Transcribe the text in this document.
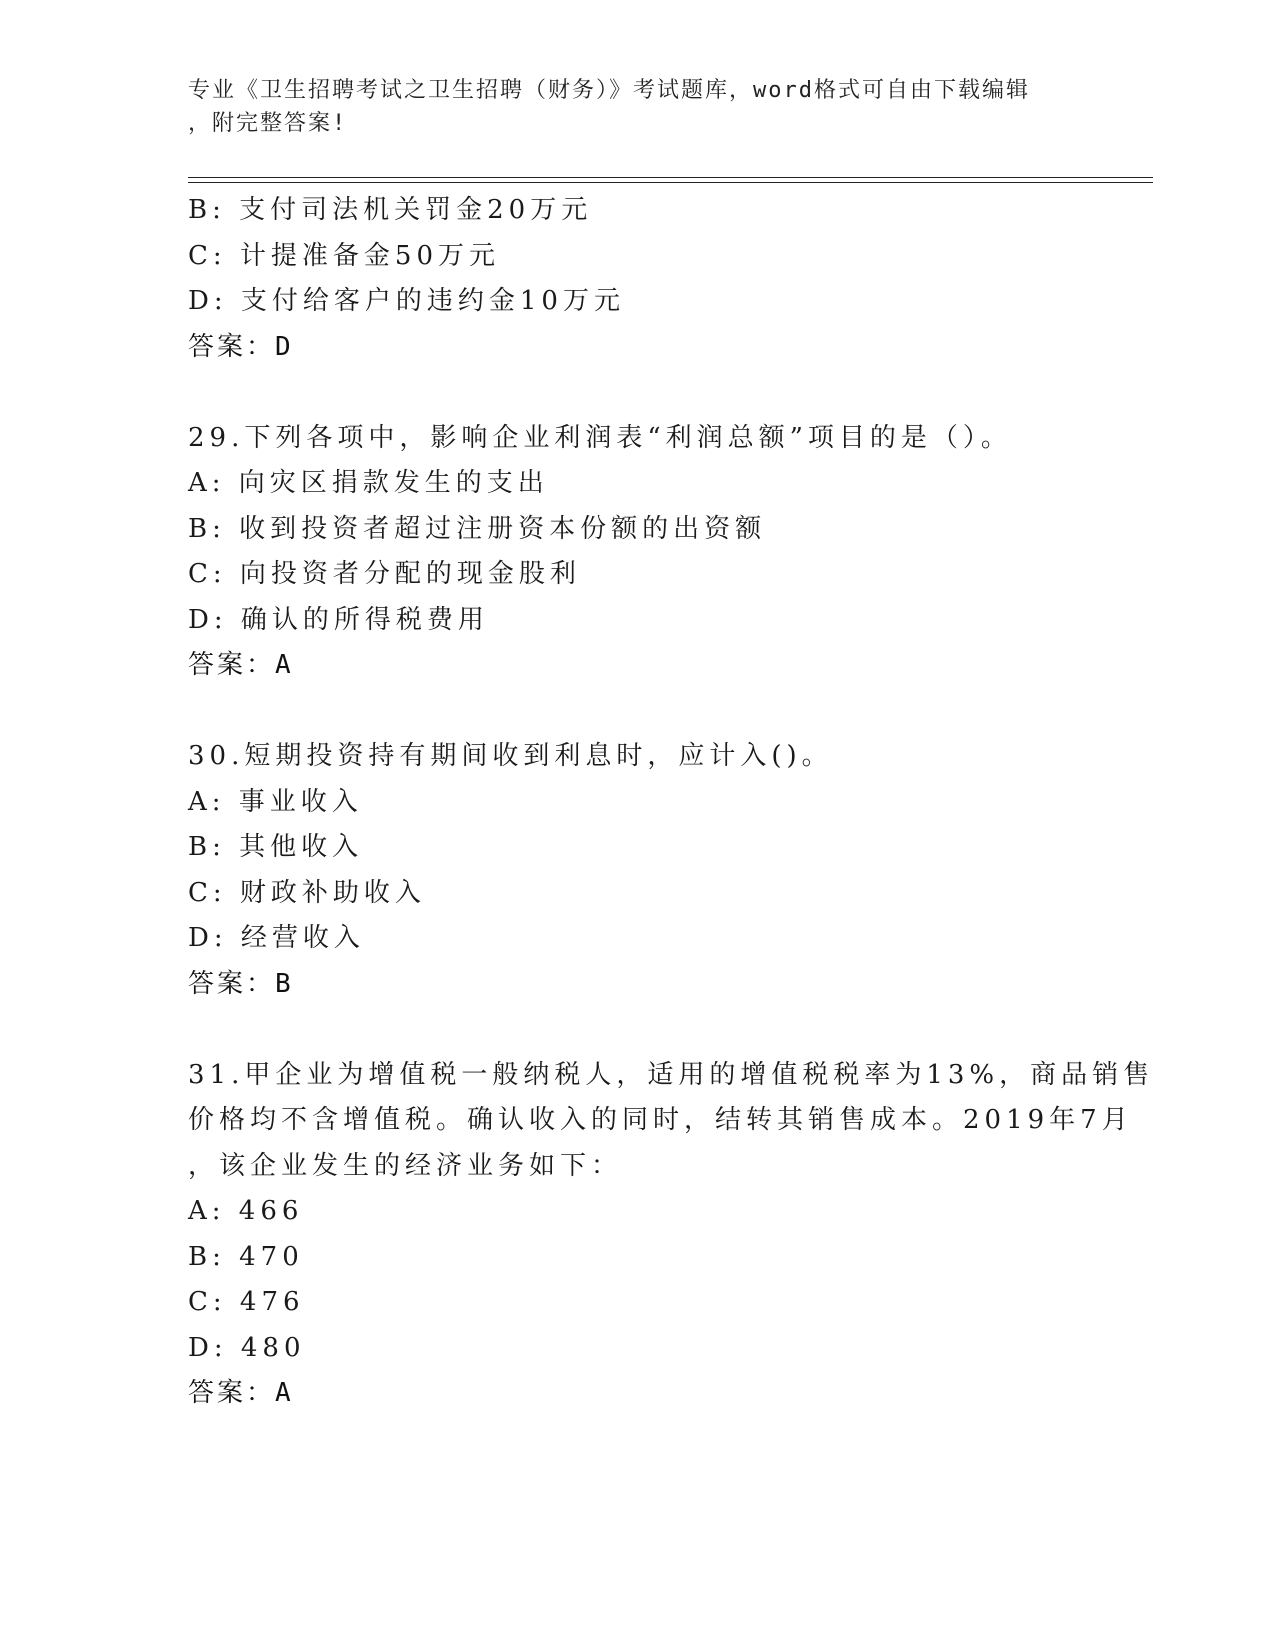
专业《卫生招聘考试之卫生招聘（财务）》考试题库，word格式可自由下载编辑
，附完整答案!
B: 支付司法机关罚金20万元
C: 计提准备金50万元
D: 支付给客户的违约金10万元
答案：D
29.下列各项中，影响企业利润表“利润总额”项目的是（）。
A: 向灾区捐款发生的支出
B: 收到投资者超过注册资本份额的出资额
C: 向投资者分配的现金股利
D: 确认的所得税费用
答案：A
30.短期投资持有期间收到利息时，应计入()。
A: 事业收入
B: 其他收入
C: 财政补助收入
D: 经营收入
答案：B
31.甲企业为增值税一般纳税人，适用的增值税税率为13%，商品销售
价格均不含增值税。确认收入的同时，结转其销售成本。2019年7月
，该企业发生的经济业务如下：
A: 466
B: 470
C: 476
D: 480
答案：A
